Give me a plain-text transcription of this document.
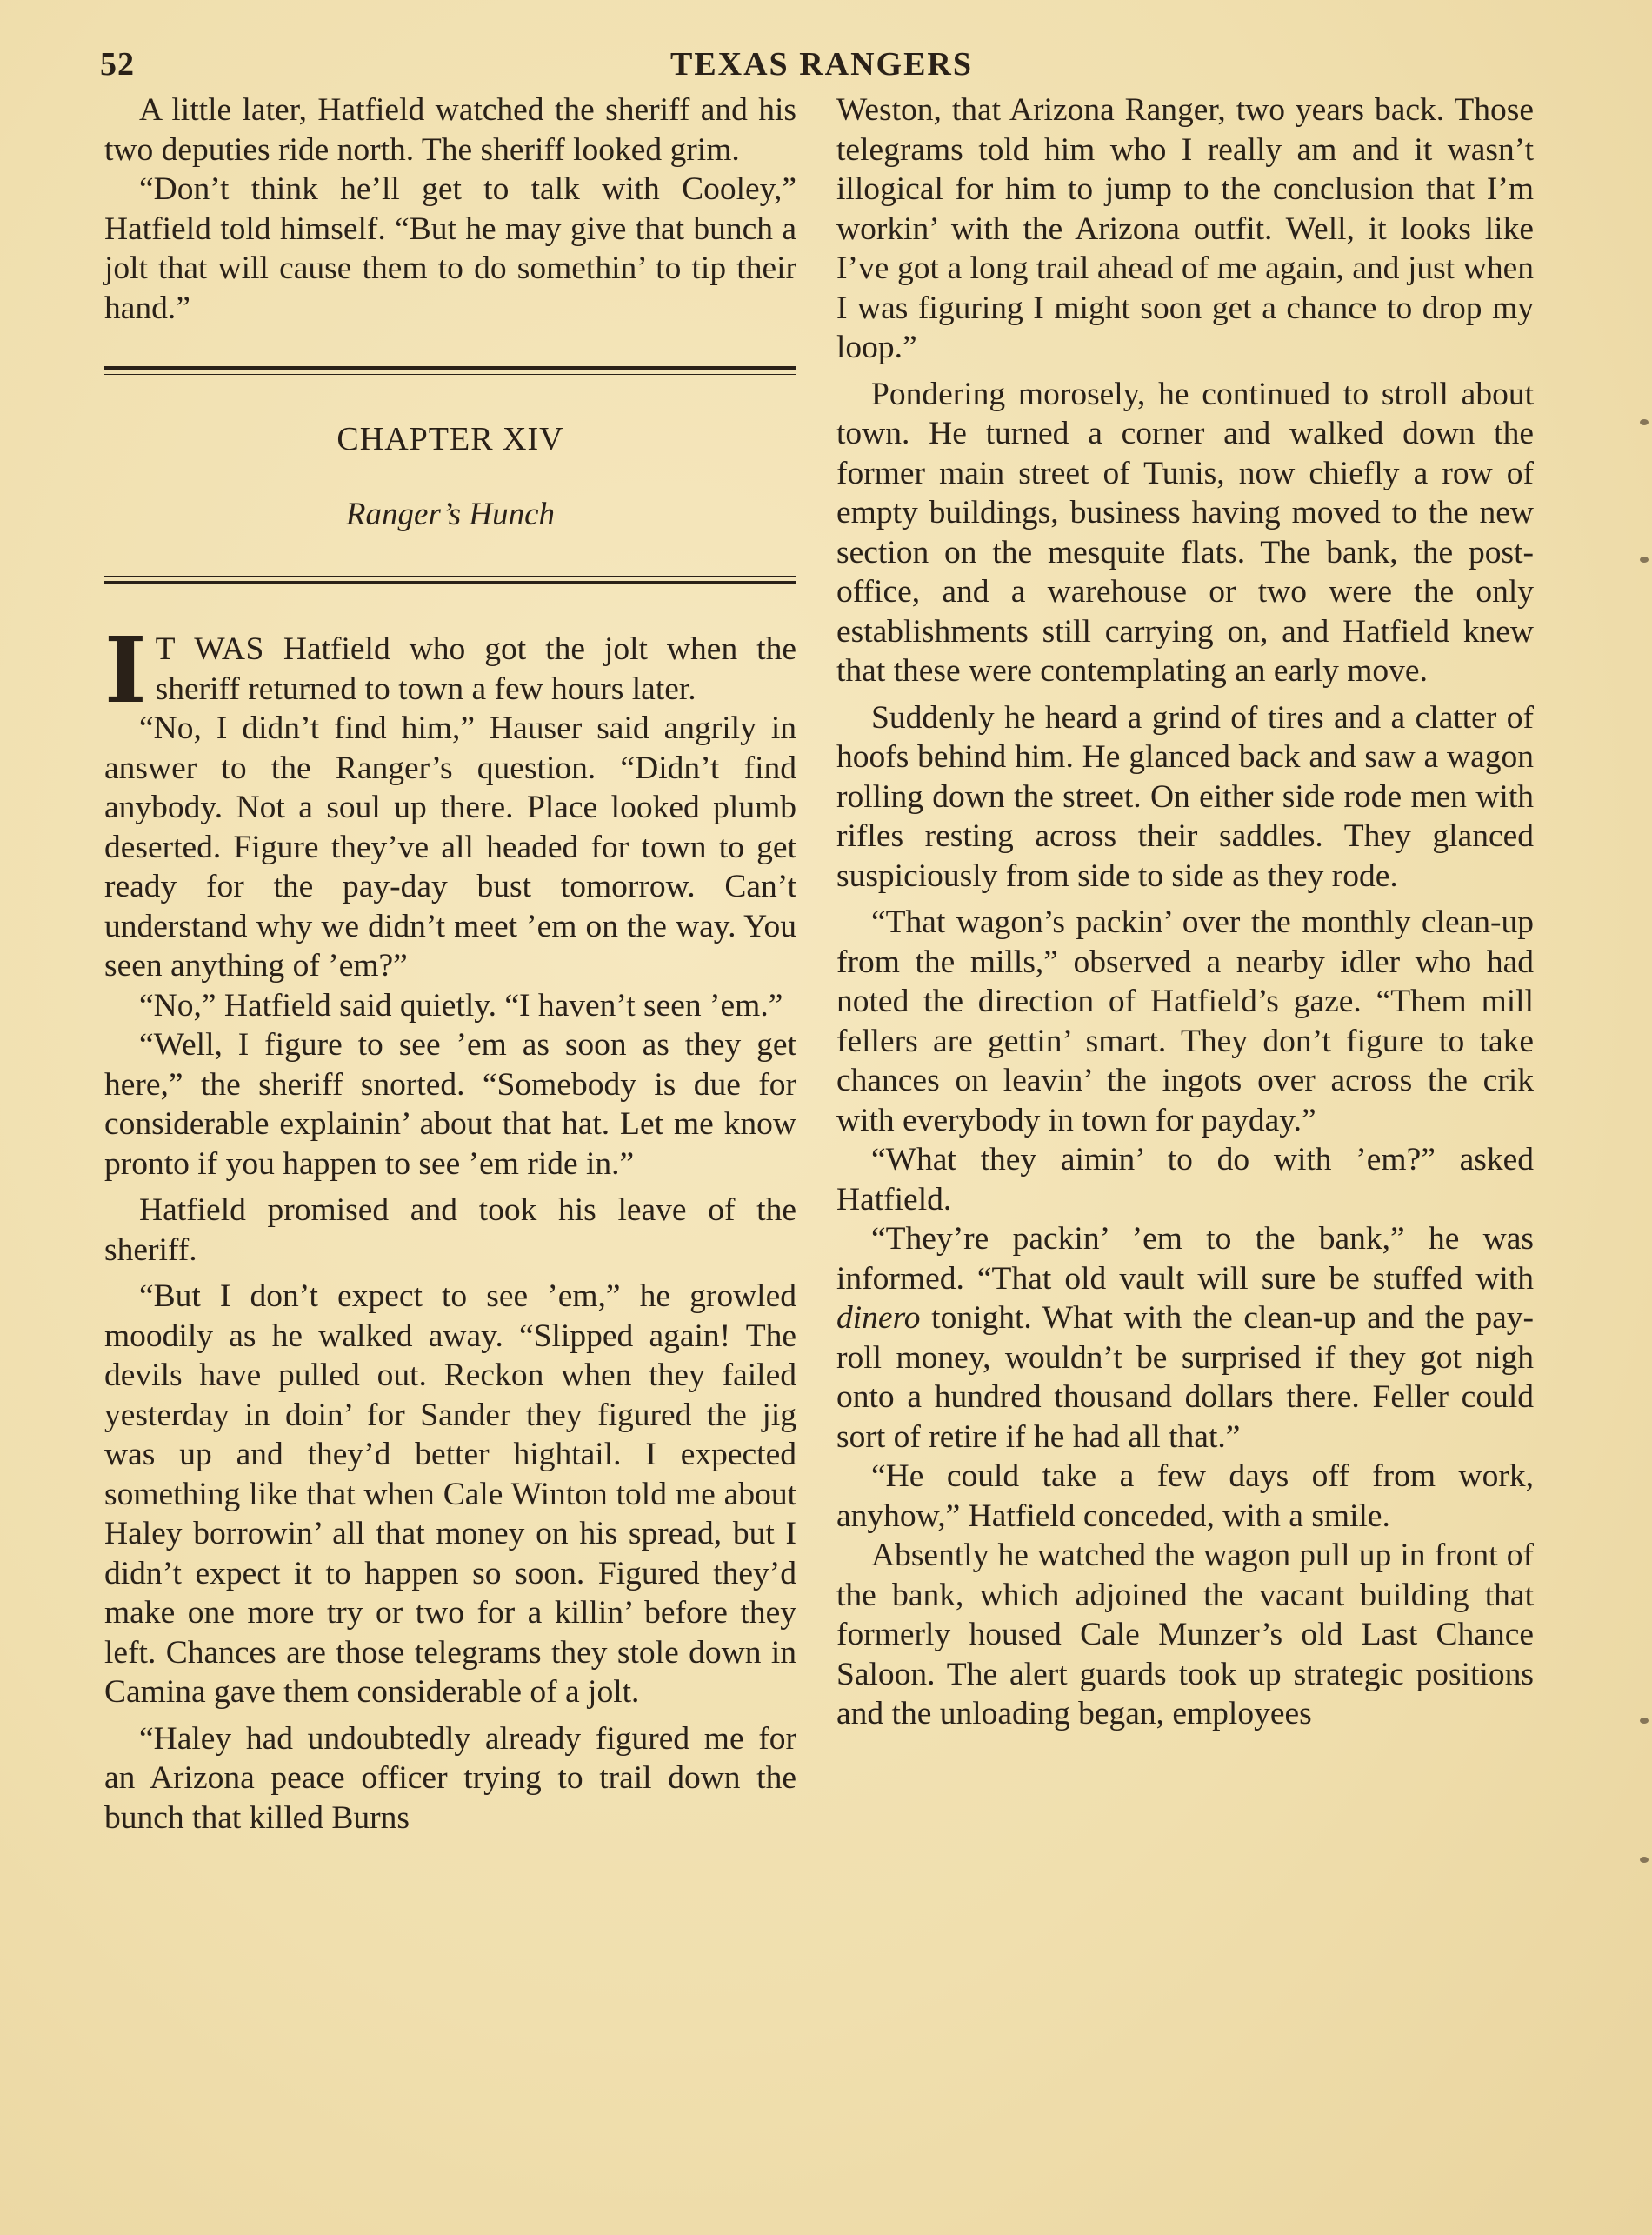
52	TEXAS RANGERS

A little later, Hatfield watched the sheriff and his two deputies ride north. The sheriff looked grim.

“Don’t think he’ll get to talk with Cooley,” Hatfield told himself. “But he may give that bunch a jolt that will cause them to do somethin’ to tip their hand.”

CHAPTER XIV
Ranger’s Hunch

I T WAS Hatfield who got the jolt when the sheriff returned to town a few hours later.

“No, I didn’t find him,” Hauser said angrily in answer to the Ranger’s question. “Didn’t find anybody. Not a soul up there. Place looked plumb deserted. Figure they’ve all headed for town to get ready for the pay-day bust tomorrow. Can’t understand why we didn’t meet ’em on the way. You seen anything of ’em?”

“No,” Hatfield said quietly. “I haven’t seen ’em.”

“Well, I figure to see ’em as soon as they get here,” the sheriff snorted. “Somebody is due for considerable explainin’ about that hat. Let me know pronto if you happen to see ’em ride in.”

Hatfield promised and took his leave of the sheriff.

“But I don’t expect to see ’em,” he growled moodily as he walked away. “Slipped again! The devils have pulled out. Reckon when they failed yesterday in doin’ for Sander they figured the jig was up and they’d better hightail. I expected something like that when Cale Winton told me about Haley borrowin’ all that money on his spread, but I didn’t expect it to happen so soon. Figured they’d make one more try or two for a killin’ before they left. Chances are those telegrams they stole down in Camina gave them considerable of a jolt.

“Haley had undoubtedly already figured me for an Arizona peace officer trying to trail down the bunch that killed Burns

Weston, that Arizona Ranger, two years back. Those telegrams told him who I really am and it wasn’t illogical for him to jump to the conclusion that I’m workin’ with the Arizona outfit. Well, it looks like I’ve got a long trail ahead of me again, and just when I was figuring I might soon get a chance to drop my loop.”

Pondering morosely, he continued to stroll about town. He turned a corner and walked down the former main street of Tunis, now chiefly a row of empty buildings, business having moved to the new section on the mesquite flats. The bank, the post-office, and a warehouse or two were the only establishments still carrying on, and Hatfield knew that these were contemplating an early move.

Suddenly he heard a grind of tires and a clatter of hoofs behind him. He glanced back and saw a wagon rolling down the street. On either side rode men with rifles resting across their saddles. They glanced suspiciously from side to side as they rode.

“That wagon’s packin’ over the monthly clean-up from the mills,” observed a nearby idler who had noted the direction of Hatfield’s gaze. “Them mill fellers are gettin’ smart. They don’t figure to take chances on leavin’ the ingots over across the crik with everybody in town for payday.”

“What they aimin’ to do with ’em?” asked Hatfield.

“They’re packin’ ’em to the bank,” he was informed. “That old vault will sure be stuffed with dinero tonight. What with the clean-up and the pay-roll money, wouldn’t be surprised if they got nigh onto a hundred thousand dollars there. Feller could sort of retire if he had all that.”

“He could take a few days off from work, anyhow,” Hatfield conceded, with a smile.

Absently he watched the wagon pull up in front of the bank, which adjoined the vacant building that formerly housed Cale Munzer’s old Last Chance Saloon. The alert guards took up strategic positions and the unloading began, employees
